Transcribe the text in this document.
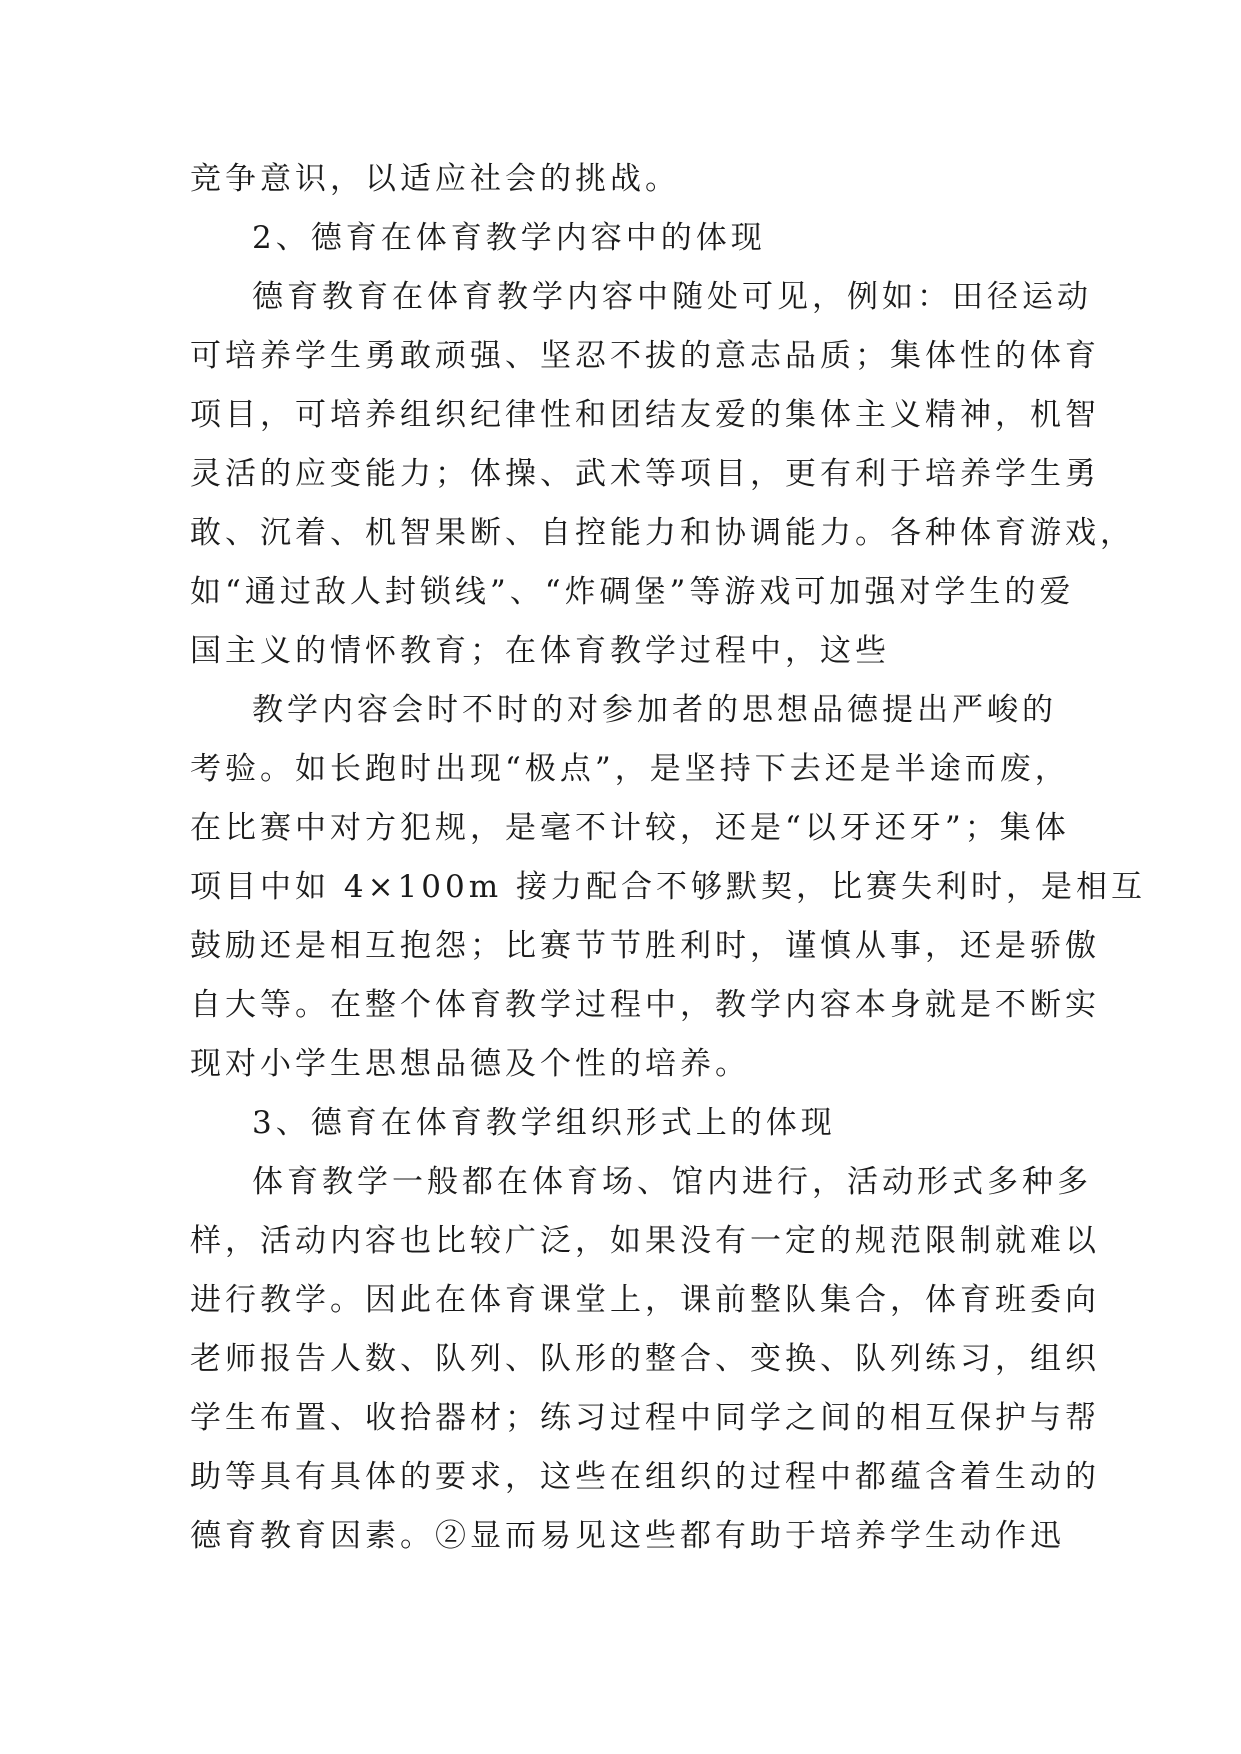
竞争意识，以适应社会的挑战。
2、德育在体育教学内容中的体现
德育教育在体育教学内容中随处可见，例如：田径运动
可培养学生勇敢顽强、坚忍不拔的意志品质；集体性的体育
项目，可培养组织纪律性和团结友爱的集体主义精神，机智
灵活的应变能力；体操、武术等项目，更有利于培养学生勇
敢、沉着、机智果断、自控能力和协调能力。各种体育游戏，
如“通过敌人封锁线”、“炸碉堡”等游戏可加强对学生的爱
国主义的情怀教育；在体育教学过程中，这些
教学内容会时不时的对参加者的思想品德提出严峻的
考验。如长跑时出现“极点”，是坚持下去还是半途而废，
在比赛中对方犯规，是毫不计较，还是“以牙还牙”；集体
项目中如 4×100m 接力配合不够默契，比赛失利时，是相互
鼓励还是相互抱怨；比赛节节胜利时，谨慎从事，还是骄傲
自大等。在整个体育教学过程中，教学内容本身就是不断实
现对小学生思想品德及个性的培养。
3、德育在体育教学组织形式上的体现
体育教学一般都在体育场、馆内进行，活动形式多种多
样，活动内容也比较广泛，如果没有一定的规范限制就难以
进行教学。因此在体育课堂上，课前整队集合，体育班委向
老师报告人数、队列、队形的整合、变换、队列练习，组织
学生布置、收拾器材；练习过程中同学之间的相互保护与帮
助等具有具体的要求，这些在组织的过程中都蕴含着生动的
德育教育因素。②显而易见这些都有助于培养学生动作迅
